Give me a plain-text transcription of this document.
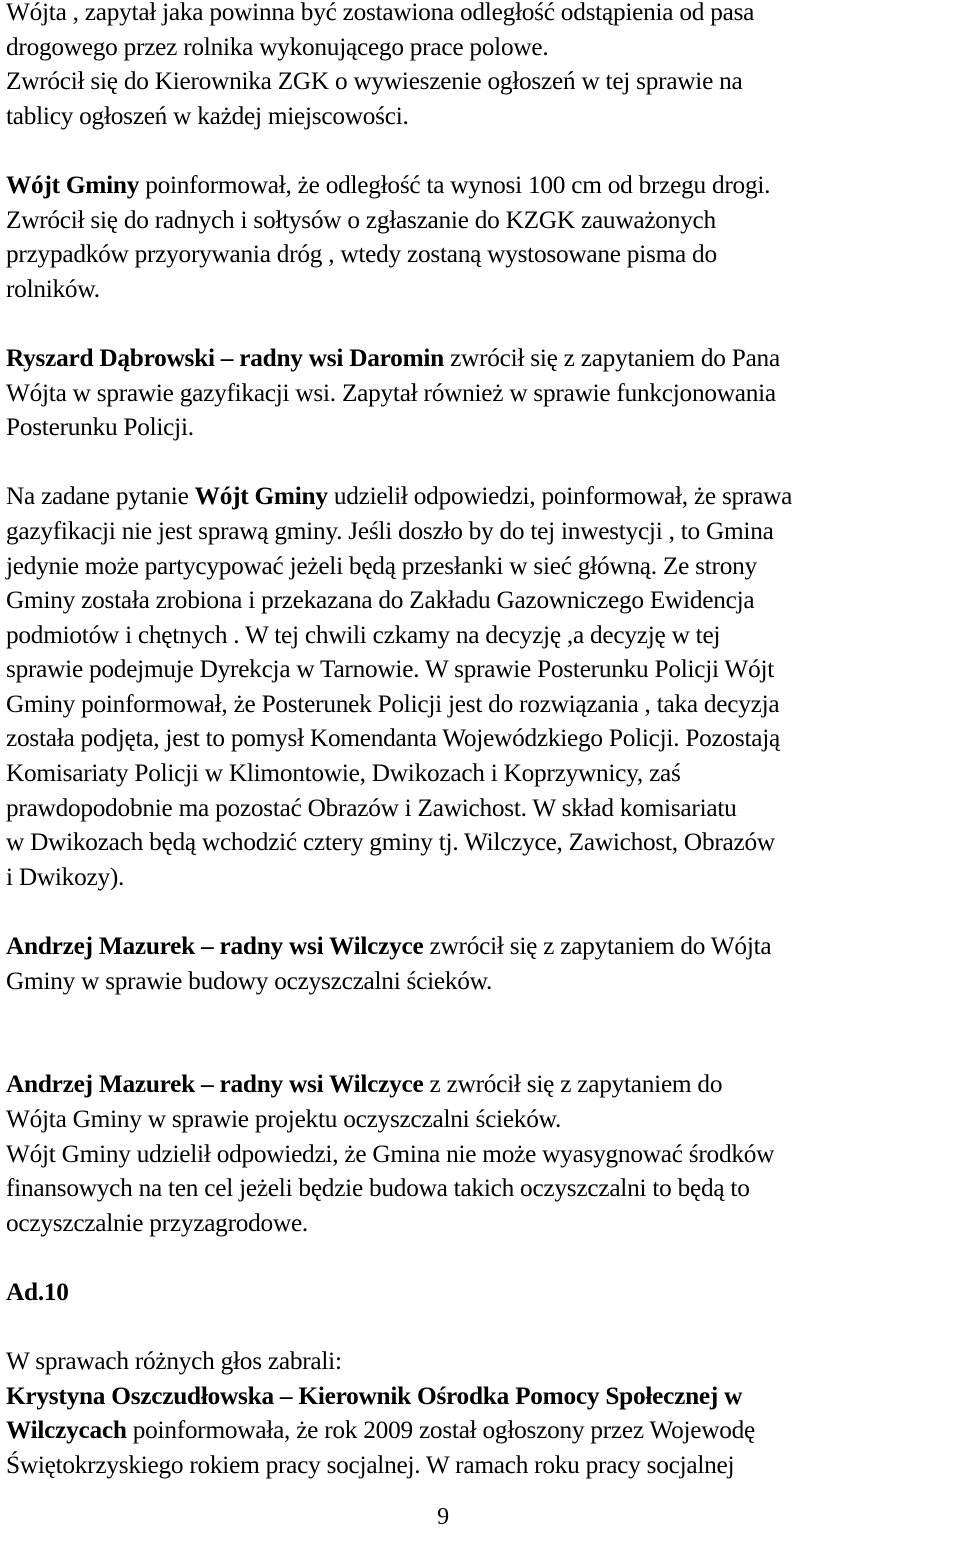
Wójta , zapytał jaka powinna być zostawiona odległość odstąpienia od pasa
drogowego przez rolnika wykonującego prace polowe.
Zwrócił się do Kierownika ZGK o wywieszenie ogłoszeń w tej sprawie na
tablicy ogłoszeń w każdej miejscowości.

Wójt Gminy poinformował, że odległość ta wynosi 100 cm od brzegu drogi.
Zwrócił się do radnych i sołtysów o zgłaszanie do KZGK zauważonych
przypadków przyorywania dróg , wtedy zostaną wystosowane pisma do
rolników.

Ryszard Dąbrowski – radny wsi Daromin zwrócił się z zapytaniem do Pana
Wójta w sprawie gazyfikacji wsi. Zapytał również w sprawie funkcjonowania
Posterunku Policji.

Na zadane pytanie Wójt Gminy udzielił odpowiedzi, poinformował, że sprawa
gazyfikacji nie jest sprawą gminy. Jeśli doszło by do tej inwestycji , to Gmina
jedynie może partycypować jeżeli będą przesłanki w sieć główną. Ze strony
Gminy została zrobiona i przekazana do Zakładu Gazowniczego Ewidencja
podmiotów i chętnych . W tej chwili czkamy na decyzję ,a decyzję w tej
sprawie podejmuje Dyrekcja w Tarnowie. W sprawie Posterunku Policji Wójt
Gminy poinformował, że Posterunek Policji jest do rozwiązania , taka decyzja
została podjęta, jest to pomysł Komendanta Wojewódzkiego Policji. Pozostają
Komisariaty Policji w Klimontowie, Dwikozach i Koprzywnicy, zaś
prawdopodobnie ma pozostać Obrazów i Zawichost. W skład komisariatu
w Dwikozach będą wchodzić cztery gminy tj. Wilczyce, Zawichost, Obrazów
i Dwikozy).

Andrzej Mazurek – radny wsi Wilczyce zwrócił się z zapytaniem do Wójta
Gminy w sprawie budowy oczyszczalni ścieków.

Andrzej Mazurek – radny wsi Wilczyce z zwrócił się z zapytaniem do
Wójta Gminy w sprawie projektu oczyszczalni ścieków.
Wójt Gminy udzielił odpowiedzi, że Gmina nie może wyasygnować środków
finansowych na ten cel jeżeli będzie budowa takich oczyszczalni to będą to
oczyszczalnie przyzagrodowe.

Ad.10

W sprawach różnych głos zabrali:
Krystyna Oszczudłowska – Kierownik Ośrodka Pomocy Społecznej w
Wilczycach poinformowała, że rok 2009 został ogłoszony przez Wojewodę
Świętokrzyskiego rokiem pracy socjalnej. W ramach roku pracy socjalnej

9
